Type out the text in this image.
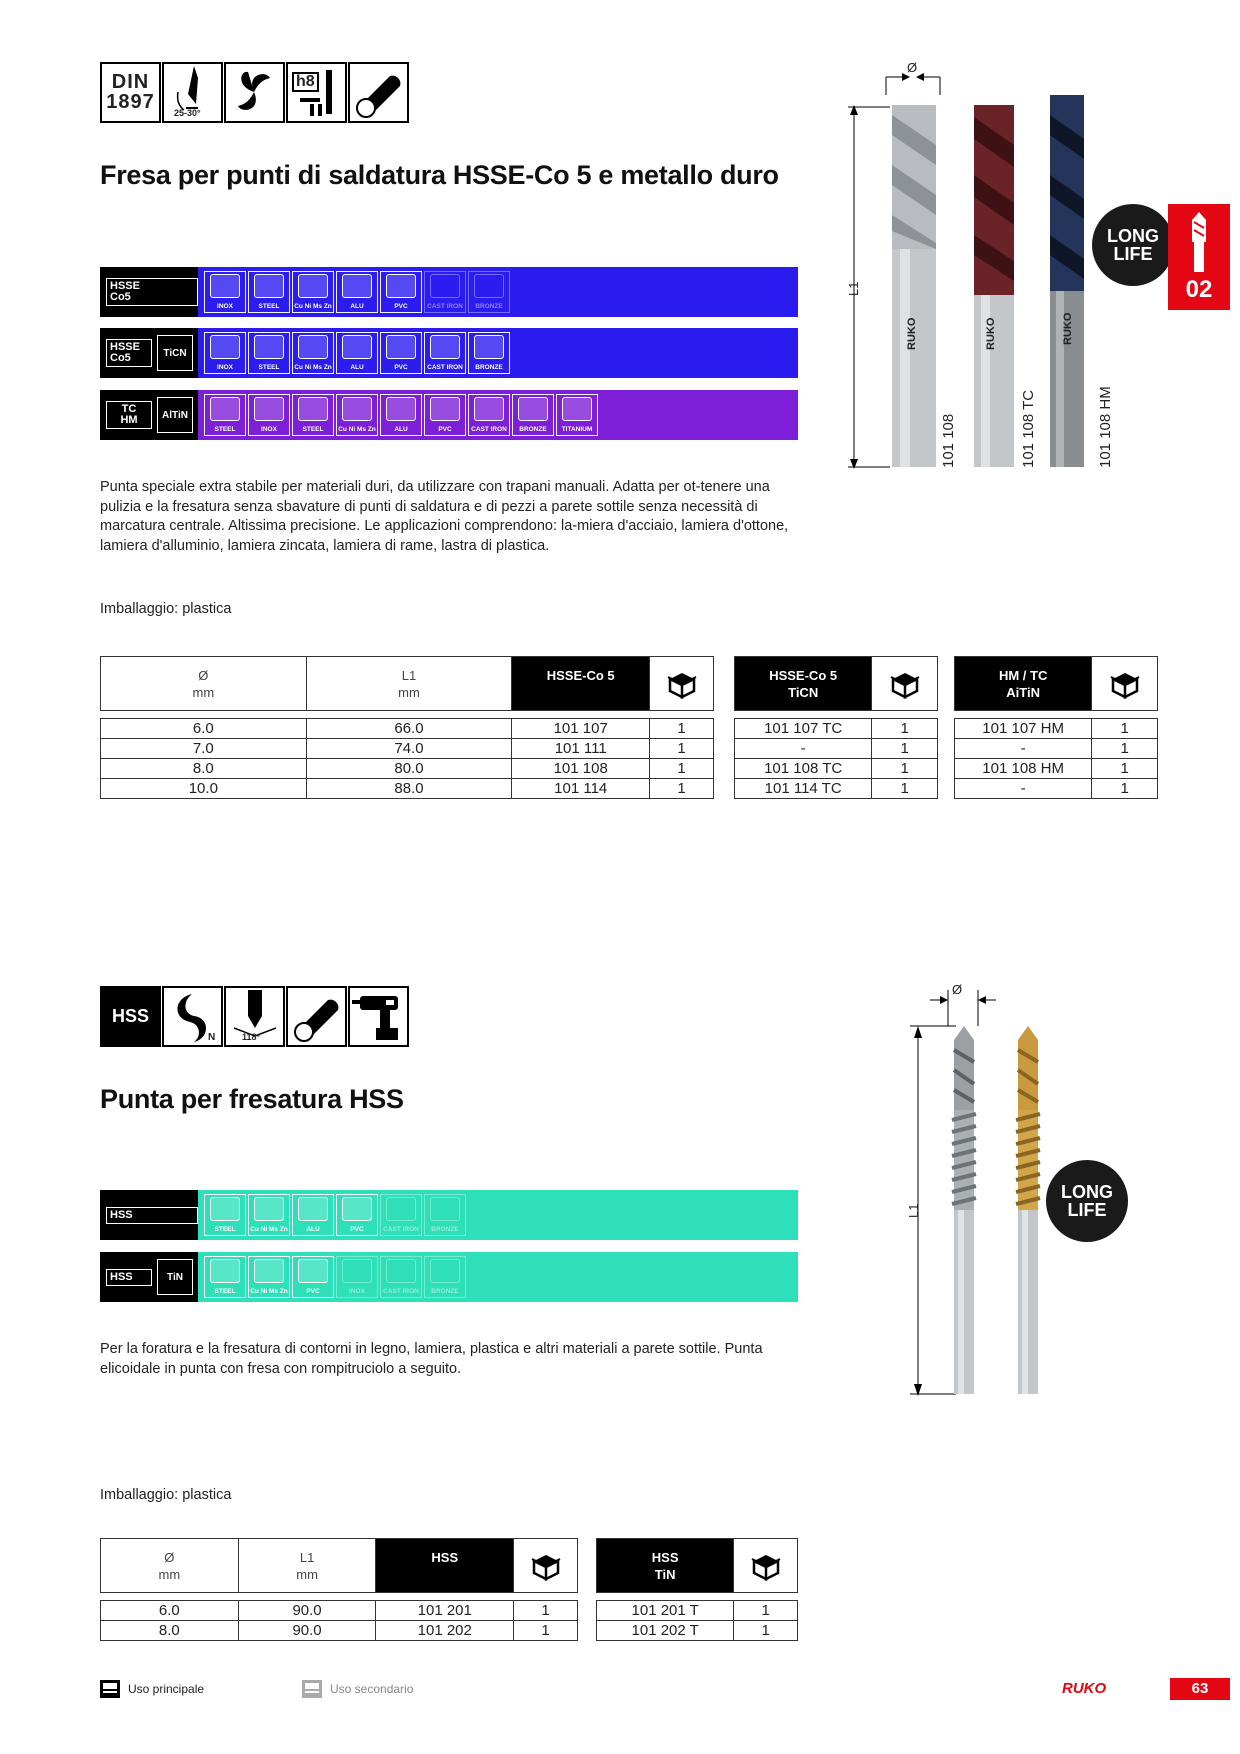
DIN
1897	25-30°
h8
Fresa per punti di saldatura HSSE-Co 5 e metallo duro
HSSE
Co5
INOX	STEEL Cu Ni Ms Zn	ALU	PVC	CAST IRON BRONZE
HSSE
Co5	TiCN
INOX	STEEL Cu Ni Ms Zn	ALU	PVC	CAST IRON BRONZE
TC
HM	AlTiN
STEEL	INOX	STEEL Cu Ni Ms Zn	ALU	PVC	CAST IRON BRONZE TITANIUM
Punta speciale extra stabile per materiali duri, da utilizzare con trapani manuali. Adatta per ot-tenere una pulizia e la fresatura senza sbavature di punti di saldatura e di pezzi a parete sottile senza necessità di marcatura centrale. Altissima precisione. Le applicazioni comprendono: la-miera d'acciaio, lamiera d'ottone, lamiera d'alluminio, lamiera zincata, lamiera di rame, lastra di plastica.
Imballaggio: plastica
L1
Ø
RUKO	RUKO	RUKO
101 108	101 108 TC	101 108 HM
LONG
LIFE
02
Ø
mm
L1
mm
HSSE-Co 5
6.0	66.0	101 107	1
7.0	74.0	101 111	1
8.0	80.0	101 108	1
10.0	88.0	101 114	1
HSSE-Co 5
TiCN
101 107 TC	1
-	1
101 108 TC	1
101 114 TC	1
HM / TC
AiTiN
101 107 HM	1
-	1
101 108 HM	1
-	1
HSS
N	118°
Punta per fresatura HSS
HSS
STEEL Cu Ni Ms Zn	ALU	PVC	CAST IRON BRONZE
HSS	TiN
STEEL Cu Ni Ms Zn	PVC	INOX	CAST IRON BRONZE
Per la foratura e la fresatura di contorni in legno, lamiera, plastica e altri materiali a parete sottile. Punta elicoidale in punta con fresa con rompitruciolo a seguito.
Imballaggio: plastica
L1
Ø
LONG
LIFE
Ø
mm
L1
mm
HSS
6.0	90.0	101 201	1
8.0	90.0	101 202	1
HSS
TiN
101 201 T	1
101 202 T	1
Uso principale	Uso secondario	RUKO	63
